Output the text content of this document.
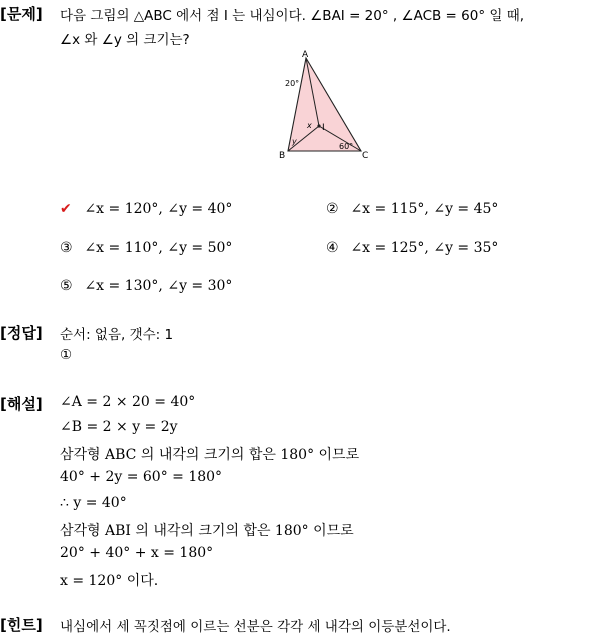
[문제] 다음 그림의 △ABC 에서 점 I 는 내심이다. ∠BAI = 20° , ∠ACB = 60° 일 때,
∠x 와 ∠y 의 크기는?
A
B	C
I
x
y
20°
60°
✔ ∠x = 120°, ∠y = 40°	② ∠x = 115°, ∠y = 45°
③ ∠x = 110°, ∠y = 50°	④ ∠x = 125°, ∠y = 35°
⑤ ∠x = 130°, ∠y = 30°
[정답] 순서: 없음, 갯수: 1
①
[해설] ∠A = 2 × 20 = 40°
∠B = 2 × y = 2y
삼각형 ABC 의 내각의 크기의 합은 180° 이므로
40° + 2y = 60° = 180°
∴ y = 40°
삼각형 ABI 의 내각의 크기의 합은 180° 이므로
20° + 40° + x = 180°
x = 120° 이다.
[힌트] 내심에서 세 꼭짓점에 이르는 선분은 각각 세 내각의 이등분선이다.
